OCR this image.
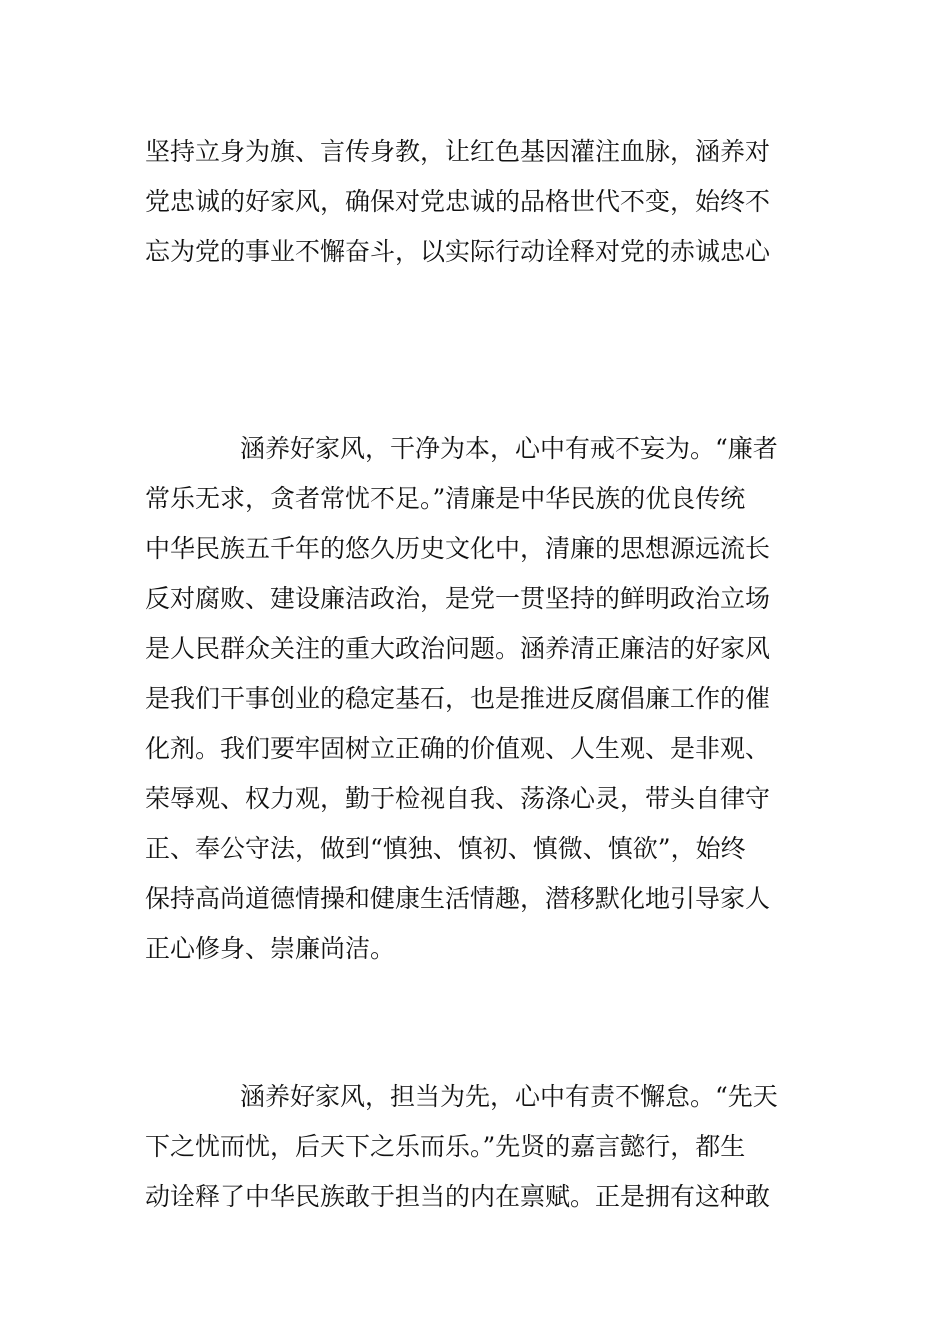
坚持立身为旗、言传身教，让红色基因灌注血脉，涵养对
党忠诚的好家风，确保对党忠诚的品格世代不变，始终不
忘为党的事业不懈奋斗，以实际行动诠释对党的赤诚忠心
涵养好家风，干净为本，心中有戒不妄为。“廉者
常乐无求，贪者常忧不足。”清廉是中华民族的优良传统
中华民族五千年的悠久历史文化中，清廉的思想源远流长
反对腐败、建设廉洁政治，是党一贯坚持的鲜明政治立场
是人民群众关注的重大政治问题。涵养清正廉洁的好家风
是我们干事创业的稳定基石，也是推进反腐倡廉工作的催
化剂。我们要牢固树立正确的价值观、人生观、是非观、
荣辱观、权力观，勤于检视自我、荡涤心灵，带头自律守
正、奉公守法，做到“慎独、慎初、慎微、慎欲”，始终
保持高尚道德情操和健康生活情趣，潜移默化地引导家人
正心修身、崇廉尚洁。
涵养好家风，担当为先，心中有责不懈怠。“先天
下之忧而忧，后天下之乐而乐。”先贤的嘉言懿行，都生
动诠释了中华民族敢于担当的内在禀赋。正是拥有这种敢
